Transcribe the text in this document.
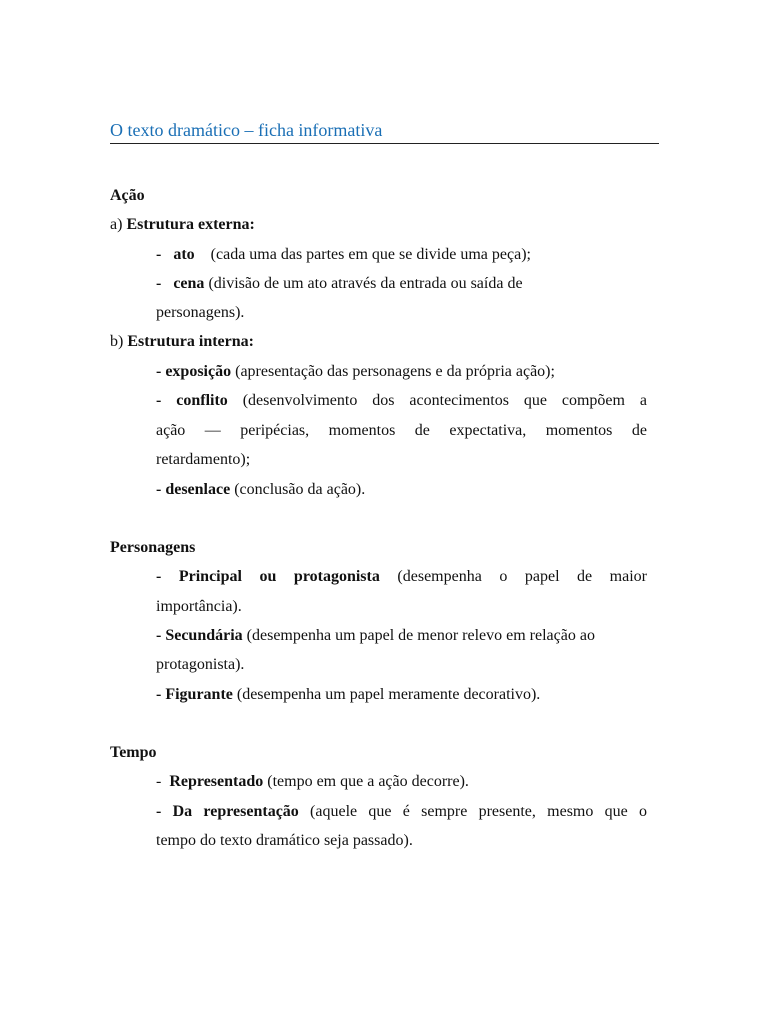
O texto dramático – ficha informativa
Ação
a) Estrutura externa:
- ato (cada uma das partes em que se divide uma peça);
- cena (divisão de um ato através da entrada ou saída de
personagens).
b) Estrutura interna:
- exposição (apresentação das personagens e da própria ação);
- conflito (desenvolvimento dos acontecimentos que compõem a
ação — peripécias, momentos de expectativa, momentos de
retardamento);
- desenlace (conclusão da ação).
Personagens
- Principal ou protagonista (desempenha o papel de maior
importância).
- Secundária (desempenha um papel de menor relevo em relação ao
protagonista).
- Figurante (desempenha um papel meramente decorativo).
Tempo
- Representado (tempo em que a ação decorre).
- Da representação (aquele que é sempre presente, mesmo que o
tempo do texto dramático seja passado).
